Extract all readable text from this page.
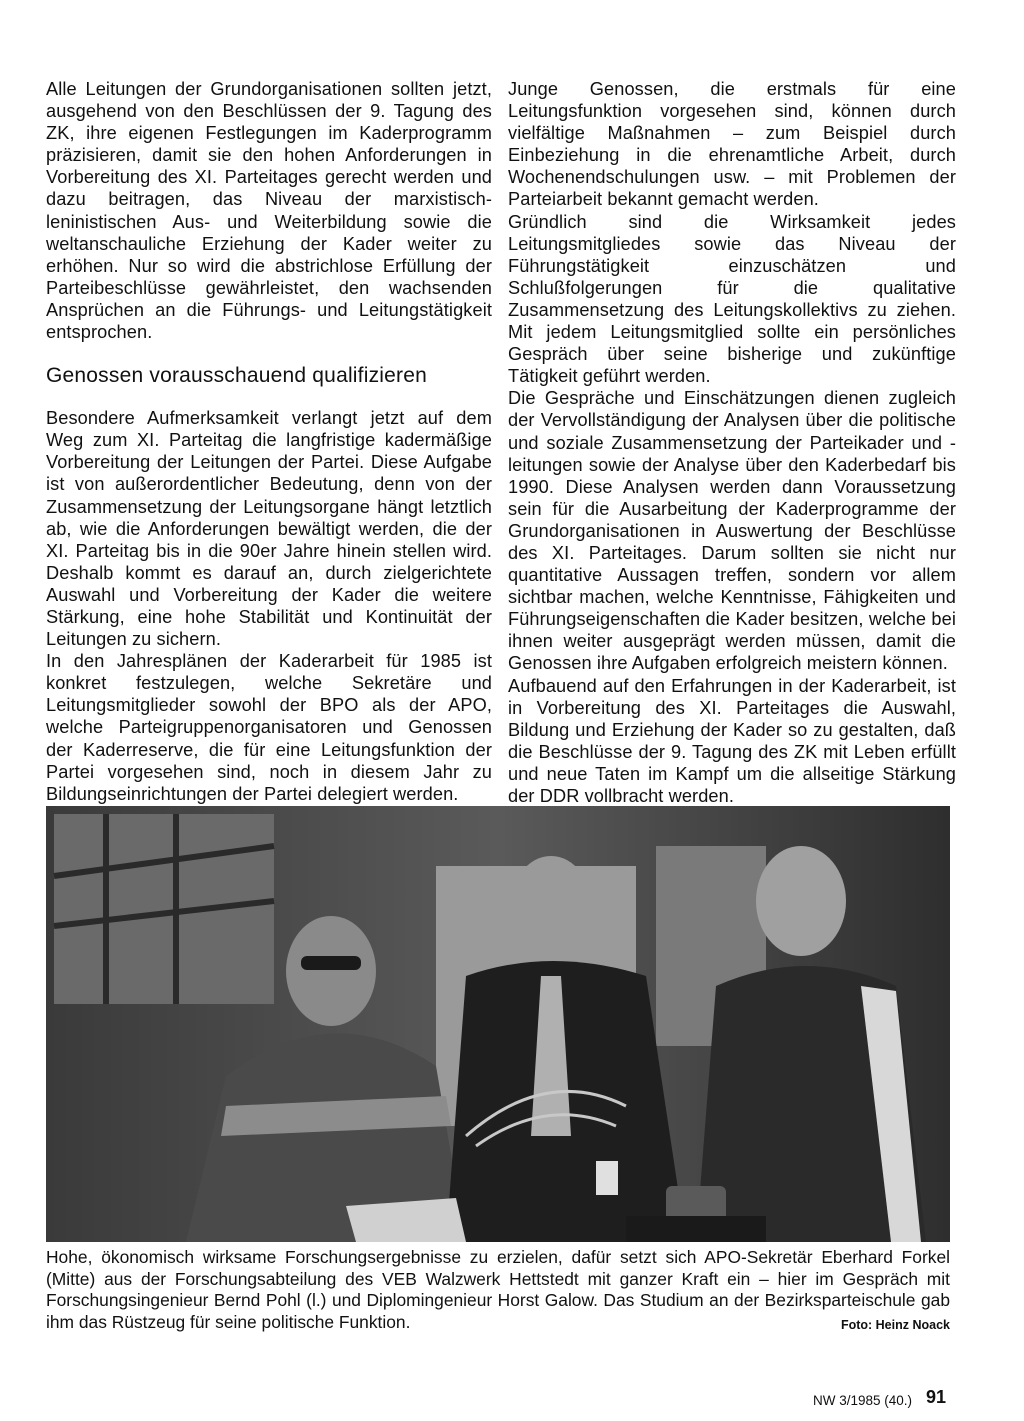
Alle Leitungen der Grundorganisationen sollten jetzt, ausgehend von den Beschlüssen der 9. Tagung des ZK, ihre eigenen Festlegungen im Kaderprogramm präzisieren, damit sie den hohen Anforderungen in Vorbereitung des XI. Parteitages gerecht werden und dazu beitragen, das Niveau der marxistisch-leninistischen Aus- und Weiterbildung sowie die weltanschauliche Erziehung der Kader weiter zu erhöhen. Nur so wird die abstrichlose Erfüllung der Parteibeschlüsse gewährleistet, den wachsenden Ansprüchen an die Führungs- und Leitungstätigkeit entsprochen.

Genossen vorausschauend qualifizieren

Besondere Aufmerksamkeit verlangt jetzt auf dem Weg zum XI. Parteitag die langfristige kadermäßige Vorbereitung der Leitungen der Partei. Diese Aufgabe ist von außerordentlicher Bedeutung, denn von der Zusammensetzung der Leitungsorgane hängt letztlich ab, wie die Anforderungen bewältigt werden, die der XI. Parteitag bis in die 90er Jahre hinein stellen wird. Deshalb kommt es darauf an, durch zielgerichtete Auswahl und Vorbereitung der Kader die weitere Stärkung, eine hohe Stabilität und Kontinuität der Leitungen zu sichern.

In den Jahresplänen der Kaderarbeit für 1985 ist konkret festzulegen, welche Sekretäre und Leitungsmitglieder sowohl der BPO als der APO, welche Parteigruppenorganisatoren und Genossen der Kaderreserve, die für eine Leitungsfunktion der Partei vorgesehen sind, noch in diesem Jahr zu Bildungseinrichtungen der Partei delegiert werden.

Junge Genossen, die erstmals für eine Leitungsfunktion vorgesehen sind, können durch vielfältige Maßnahmen – zum Beispiel durch Einbeziehung in die ehrenamtliche Arbeit, durch Wochenendschulungen usw. – mit Problemen der Parteiarbeit bekannt gemacht werden.

Gründlich sind die Wirksamkeit jedes Leitungsmitgliedes sowie das Niveau der Führungstätigkeit einzuschätzen und Schlußfolgerungen für die qualitative Zusammensetzung des Leitungskollektivs zu ziehen. Mit jedem Leitungsmitglied sollte ein persönliches Gespräch über seine bisherige und zukünftige Tätigkeit geführt werden.

Die Gespräche und Einschätzungen dienen zugleich der Vervollständigung der Analysen über die politische und soziale Zusammensetzung der Parteikader und -leitungen sowie der Analyse über den Kaderbedarf bis 1990. Diese Analysen werden dann Voraussetzung sein für die Ausarbeitung der Kaderprogramme der Grundorganisationen in Auswertung der Beschlüsse des XI. Parteitages. Darum sollten sie nicht nur quantitative Aussagen treffen, sondern vor allem sichtbar machen, welche Kenntnisse, Fähigkeiten und Führungseigenschaften die Kader besitzen, welche bei ihnen weiter ausgeprägt werden müssen, damit die Genossen ihre Aufgaben erfolgreich meistern können.

Aufbauend auf den Erfahrungen in der Kaderarbeit, ist in Vorbereitung des XI. Parteitages die Auswahl, Bildung und Erziehung der Kader so zu gestalten, daß die Beschlüsse der 9. Tagung des ZK mit Leben erfüllt und neue Taten im Kampf um die allseitige Stärkung der DDR vollbracht werden.

Hohe, ökonomisch wirksame Forschungsergebnisse zu erzielen, dafür setzt sich APO-Sekretär Eberhard Forkel (Mitte) aus der Forschungsabteilung des VEB Walzwerk Hettstedt mit ganzer Kraft ein – hier im Gespräch mit Forschungsingenieur Bernd Pohl (l.) und Diplomingenieur Horst Galow. Das Studium an der Bezirksparteischule gab ihm das Rüstzeug für seine politische Funktion.	Foto: Heinz Noack
NW 3/1985 (40.) 91
